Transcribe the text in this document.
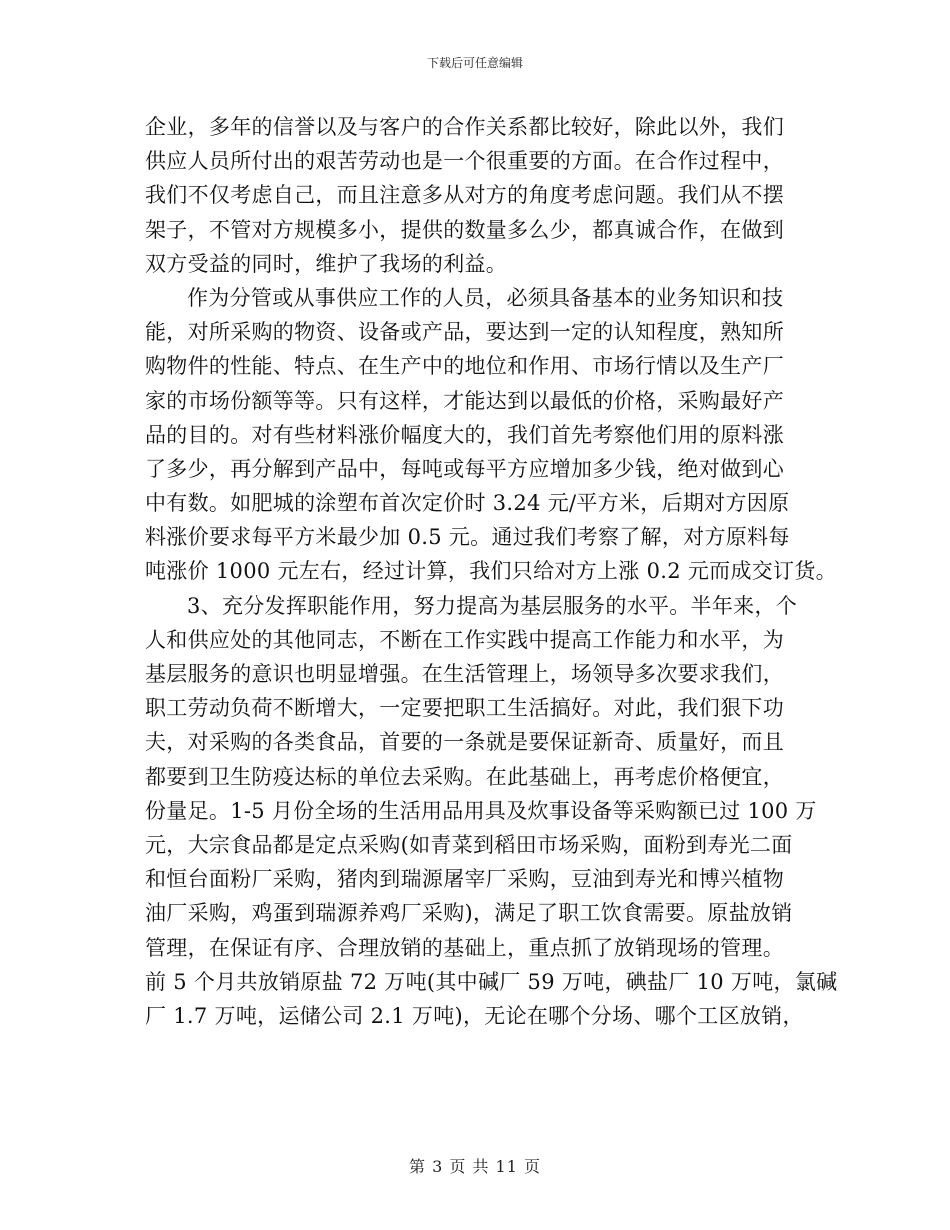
下载后可任意编辑
企业，多年的信誉以及与客户的合作关系都比较好，除此以外，我们
供应人员所付出的艰苦劳动也是一个很重要的方面。在合作过程中，
我们不仅考虑自己，而且注意多从对方的角度考虑问题。我们从不摆
架子，不管对方规模多小，提供的数量多么少，都真诚合作，在做到
双方受益的同时，维护了我场的利益。
作为分管或从事供应工作的人员，必须具备基本的业务知识和技
能，对所采购的物资、设备或产品，要达到一定的认知程度，熟知所
购物件的性能、特点、在生产中的地位和作用、市场行情以及生产厂
家的市场份额等等。只有这样，才能达到以最低的价格，采购最好产
品的目的。对有些材料涨价幅度大的，我们首先考察他们用的原料涨
了多少，再分解到产品中，每吨或每平方应增加多少钱，绝对做到心
中有数。如肥城的涂塑布首次定价时 3.24 元/平方米，后期对方因原
料涨价要求每平方米最少加 0.5 元。通过我们考察了解，对方原料每
吨涨价 1000 元左右，经过计算，我们只给对方上涨 0.2 元而成交订货。
3、充分发挥职能作用，努力提高为基层服务的水平。半年来，个
人和供应处的其他同志，不断在工作实践中提高工作能力和水平，为
基层服务的意识也明显增强。在生活管理上，场领导多次要求我们，
职工劳动负荷不断增大，一定要把职工生活搞好。对此，我们狠下功
夫，对采购的各类食品，首要的一条就是要保证新奇、质量好，而且
都要到卫生防疫达标的单位去采购。在此基础上，再考虑价格便宜，
份量足。1-5 月份全场的生活用品用具及炊事设备等采购额已过 100 万
元，大宗食品都是定点采购(如青菜到稻田市场采购，面粉到寿光二面
和恒台面粉厂采购，猪肉到瑞源屠宰厂采购，豆油到寿光和博兴植物
油厂采购，鸡蛋到瑞源养鸡厂采购)，满足了职工饮食需要。原盐放销
管理，在保证有序、合理放销的基础上，重点抓了放销现场的管理。
前 5 个月共放销原盐 72 万吨(其中碱厂 59 万吨，碘盐厂 10 万吨，氯碱
厂 1.7 万吨，运储公司 2.1 万吨)，无论在哪个分场、哪个工区放销，
第 3 页 共 11 页
